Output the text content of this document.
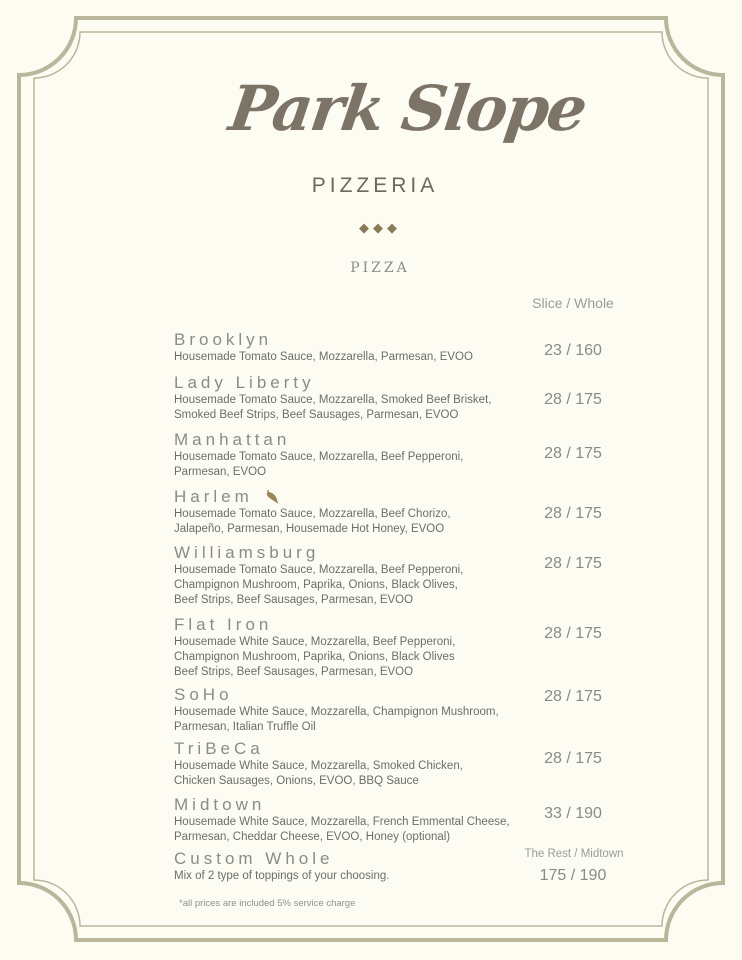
Park Slope
PIZZERIA
◆◆◆
PIZZA
Slice / Whole
Brooklyn
Housemade Tomato Sauce, Mozzarella, Parmesan, EVOO	23 / 160
Lady Liberty
Housemade Tomato Sauce, Mozzarella, Smoked Beef Brisket,
Smoked Beef Strips, Beef Sausages, Parmesan, EVOO
28 / 175
Manhattan
Housemade Tomato Sauce, Mozzarella, Beef Pepperoni,
Parmesan, EVOO
28 / 175
Harlem
Housemade Tomato Sauce, Mozzarella, Beef Chorizo,
Jalapeño, Parmesan, Housemade Hot Honey, EVOO
28 / 175
Williamsburg
Housemade Tomato Sauce, Mozzarella, Beef Pepperoni,
Champignon Mushroom, Paprika, Onions, Black Olives,
Beef Strips, Beef Sausages, Parmesan, EVOO
28 / 175
Flat Iron
Housemade White Sauce, Mozzarella, Beef Pepperoni,
Champignon Mushroom, Paprika, Onions, Black Olives
Beef Strips, Beef Sausages, Parmesan, EVOO
28 / 175
SoHo
Housemade White Sauce, Mozzarella, Champignon Mushroom,
Parmesan, Italian Truffle Oil
28 / 175
TriBeCa
Housemade White Sauce, Mozzarella, Smoked Chicken,
Chicken Sausages, Onions, EVOO, BBQ Sauce
28 / 175
Midtown
Housemade White Sauce, Mozzarella, French Emmental Cheese,
Parmesan, Cheddar Cheese, EVOO, Honey (optional)
33 / 190
The Rest / Midtown
Custom Whole
Mix of 2 type of toppings of your choosing.	175 / 190
*all prices are included 5% service charge
